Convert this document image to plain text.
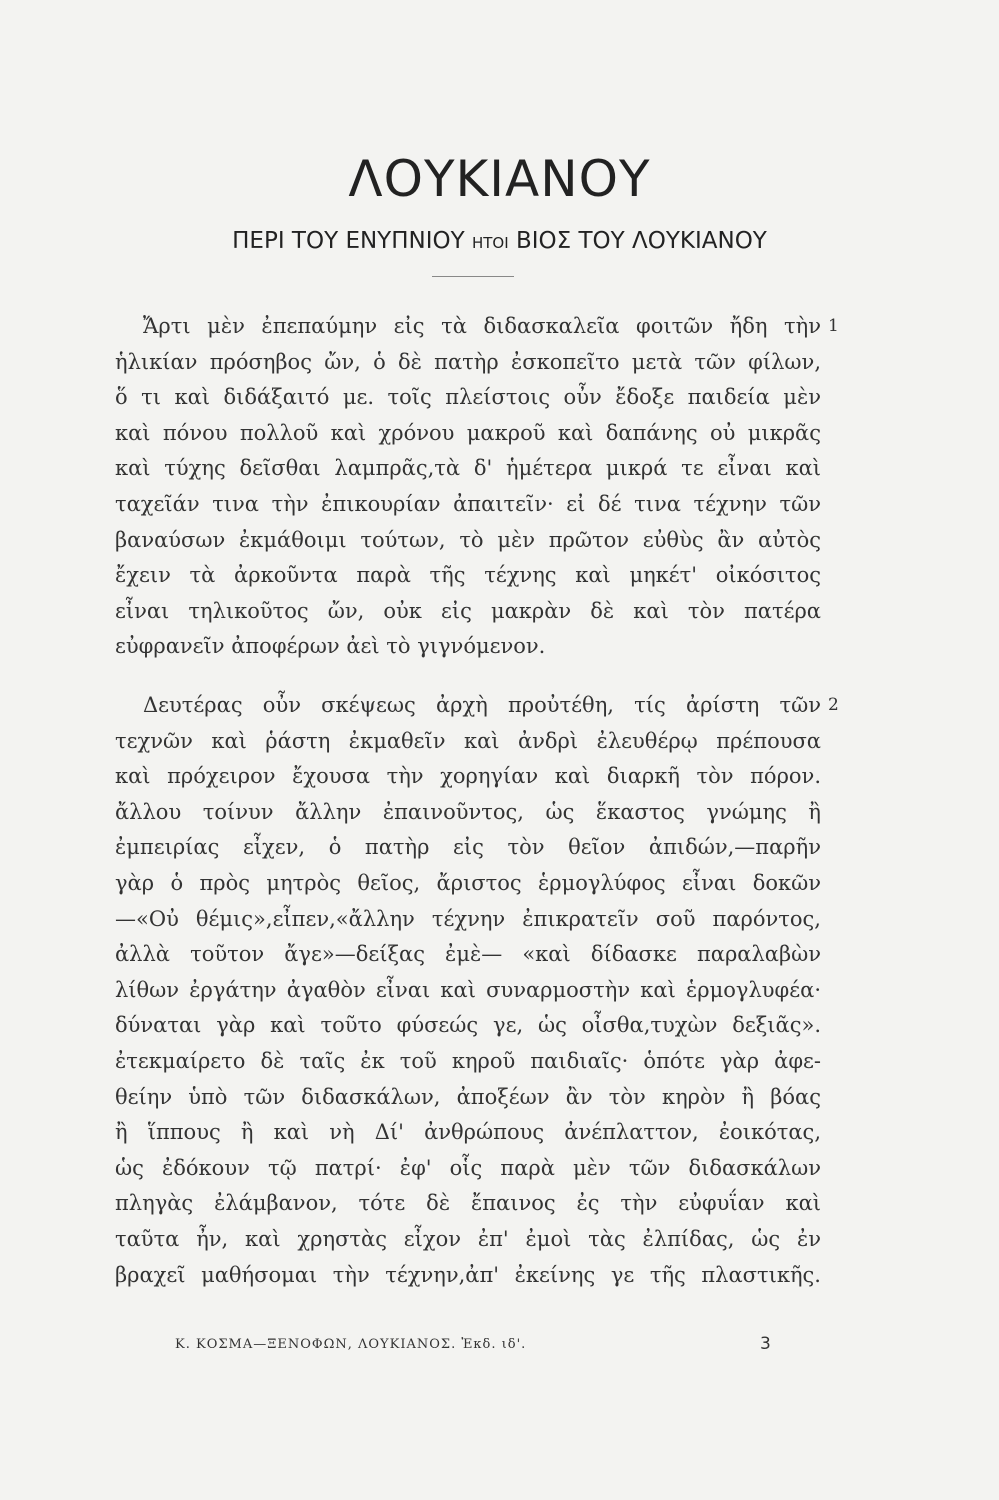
ΛΟΥΚΙΑΝΟΥ
ΠΕΡΙ ΤΟΥ ΕΝΥΠΝΙΟΥ ΗΤΟΙ ΒΙΟΣ ΤΟΥ ΛΟΥΚΙΑΝΟΥ
1
Ἄρτι μὲν ἐπεπαύμην εἰς τὰ διδασκαλεῖα φοιτῶν ἤδη τὴν
ἡλικίαν πρόσηβος ὤν, ὁ δὲ πατὴρ ἐσκοπεῖτο μετὰ τῶν φίλων,
ὅ τι καὶ διδάξαιτό με. τοῖς πλείστοις οὖν ἔδοξε παιδεία μὲν
καὶ πόνου πολλοῦ καὶ χρόνου μακροῦ καὶ δαπάνης οὐ μικρᾶς
καὶ τύχης δεῖσθαι λαμπρᾶς,τὰ δ' ἡμέτερα μικρά τε εἶναι καὶ
ταχεῖάν τινα τὴν ἐπικουρίαν ἀπαιτεῖν· εἰ δέ τινα τέχνην τῶν
βαναύσων ἐκμάθοιμι τούτων, τὸ μὲν πρῶτον εὐθὺς ἂν αὐτὸς
ἔχειν τὰ ἀρκοῦντα παρὰ τῆς τέχνης καὶ μηκέτ' οἰκόσιτος
εἶναι τηλικοῦτος ὤν, οὐκ εἰς μακρὰν δὲ καὶ τὸν πατέρα
εὐφρανεῖν ἀποφέρων ἀεὶ τὸ γιγνόμενον.
2
Δευτέρας οὖν σκέψεως ἀρχὴ προὐτέθη, τίς ἀρίστη τῶν
τεχνῶν καὶ ῥάστη ἐκμαθεῖν καὶ ἀνδρὶ ἐλευθέρῳ πρέπουσα
καὶ πρόχειρον ἔχουσα τὴν χορηγίαν καὶ διαρκῆ τὸν πόρον.
ἄλλου τοίνυν ἄλλην ἐπαινοῦντος, ὡς ἕκαστος γνώμης ἢ
ἐμπειρίας εἶχεν, ὁ πατὴρ εἰς τὸν θεῖον ἀπιδών,—παρῆν
γὰρ ὁ πρὸς μητρὸς θεῖος, ἄριστος ἑρμογλύφος εἶναι δοκῶν
—«Οὐ θέμις»,εἶπεν,«ἄλλην τέχνην ἐπικρατεῖν σοῦ παρόντος,
ἀλλὰ τοῦτον ἄγε»—δείξας ἐμὲ— «καὶ δίδασκε παραλαβὼν
λίθων ἐργάτην ἀγαθὸν εἶναι καὶ συναρμοστὴν καὶ ἑρμογλυφέα·
δύναται γὰρ καὶ τοῦτο φύσεώς γε, ὡς οἶσθα,τυχὼν δεξιᾶς».
ἐτεκμαίρετο δὲ ταῖς ἐκ τοῦ κηροῦ παιδιαῖς· ὁπότε γὰρ ἀφε-
θείην ὑπὸ τῶν διδασκάλων, ἀποξέων ἂν τὸν κηρὸν ἢ βόας
ἢ ἵππους ἢ καὶ νὴ Δί' ἀνθρώπους ἀνέπλαττον, ἐοικότας,
ὡς ἐδόκουν τῷ πατρί· ἐφ' οἷς παρὰ μὲν τῶν διδασκάλων
πληγὰς ἐλάμβανον, τότε δὲ ἔπαινος ἐς τὴν εὐφυΐαν καὶ
ταῦτα ἦν, καὶ χρηστὰς εἶχον ἐπ' ἐμοὶ τὰς ἐλπίδας, ὡς ἐν
βραχεῖ μαθήσομαι τὴν τέχνην,ἀπ' ἐκείνης γε τῆς πλαστικῆς.
Κ. ΚΟΣΜΑ—ΞΕΝΟΦΩΝ, ΛΟΥΚΙΑΝΟΣ. Ἐκδ. ιδ'.	3
